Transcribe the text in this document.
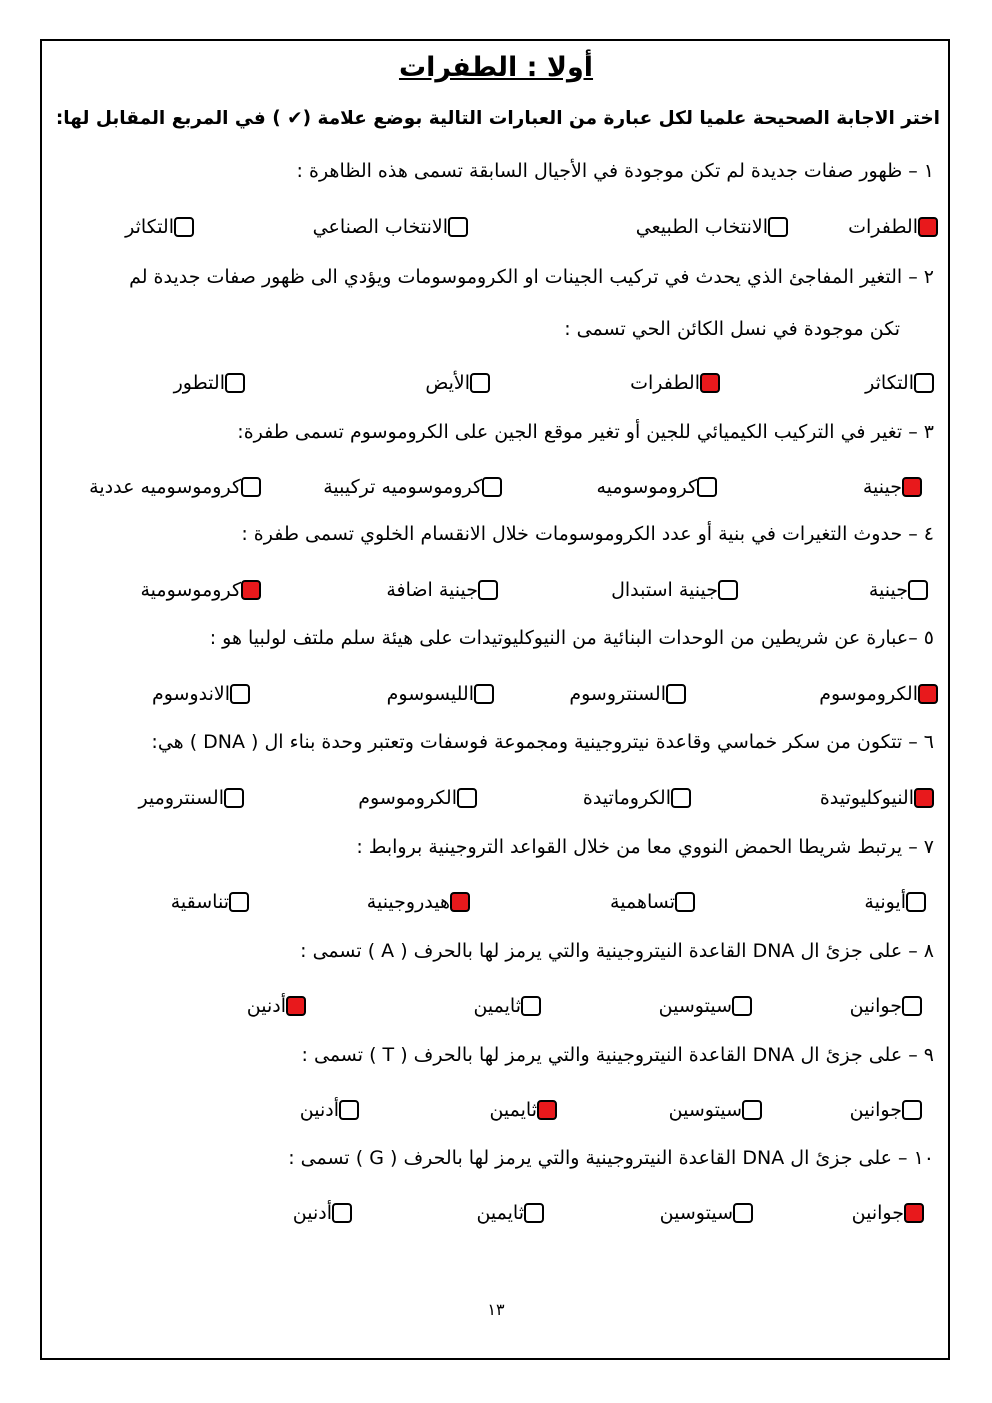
أولا : الطفرات
اختر الاجابة الصحيحة علميا لكل عبارة من العبارات التالية بوضع علامة (✔ ) في المربع المقابل لها:
١ – ظهور صفات جديدة لم تكن موجودة في الأجيال السابقة تسمى هذه الظاهرة :
الطفرات
الانتخاب الطبيعي
الانتخاب الصناعي
التكاثر
٢ – التغير المفاجئ الذي يحدث في تركيب الجينات او الكروموسومات ويؤدي الى ظهور صفات جديدة لم
تكن موجودة في نسل الكائن الحي تسمى :
التكاثر
الطفرات
الأيض
التطور
٣ – تغير في التركيب الكيميائي للجين أو تغير موقع الجين على الكروموسوم تسمى طفرة:
جينية
كروموسوميه
كروموسوميه تركيبية
كروموسوميه عددية
٤ – حدوث التغيرات في بنية أو عدد الكروموسومات خلال الانقسام الخلوي تسمى طفرة :
جينية
جينية استبدال
جينية اضافة
كروموسومية
٥ –عبارة عن شريطين من الوحدات البنائية من النيوكليوتيدات على هيئة سلم ملتف لولبيا هو :
الكروموسوم
السنتروسوم
الليسوسوم
الاندوسوم
٦ – تتكون من سكر خماسي وقاعدة نيتروجينية ومجموعة فوسفات وتعتبر وحدة بناء ال ( DNA ) هي:
النيوكليوتيدة
الكروماتيدة
الكروموسوم
السنترومير
٧ – يرتبط شريطا الحمض النووي معا من خلال القواعد التروجينية بروابط :
أيونية
تساهمية
هيدروجينية
تناسقية
٨ – على جزئ ال DNA القاعدة النيتروجينية والتي يرمز لها بالحرف ( A ) تسمى :
جوانين
سيتوسين
ثايمين
أدنين
٩ – على جزئ ال DNA القاعدة النيتروجينية والتي يرمز لها بالحرف ( T ) تسمى :
جوانين
سيتوسين
ثايمين
أدنين
١٠ – على جزئ ال DNA القاعدة النيتروجينية والتي يرمز لها بالحرف ( G ) تسمى :
جوانين
سيتوسين
ثايمين
أدنين
١٣
